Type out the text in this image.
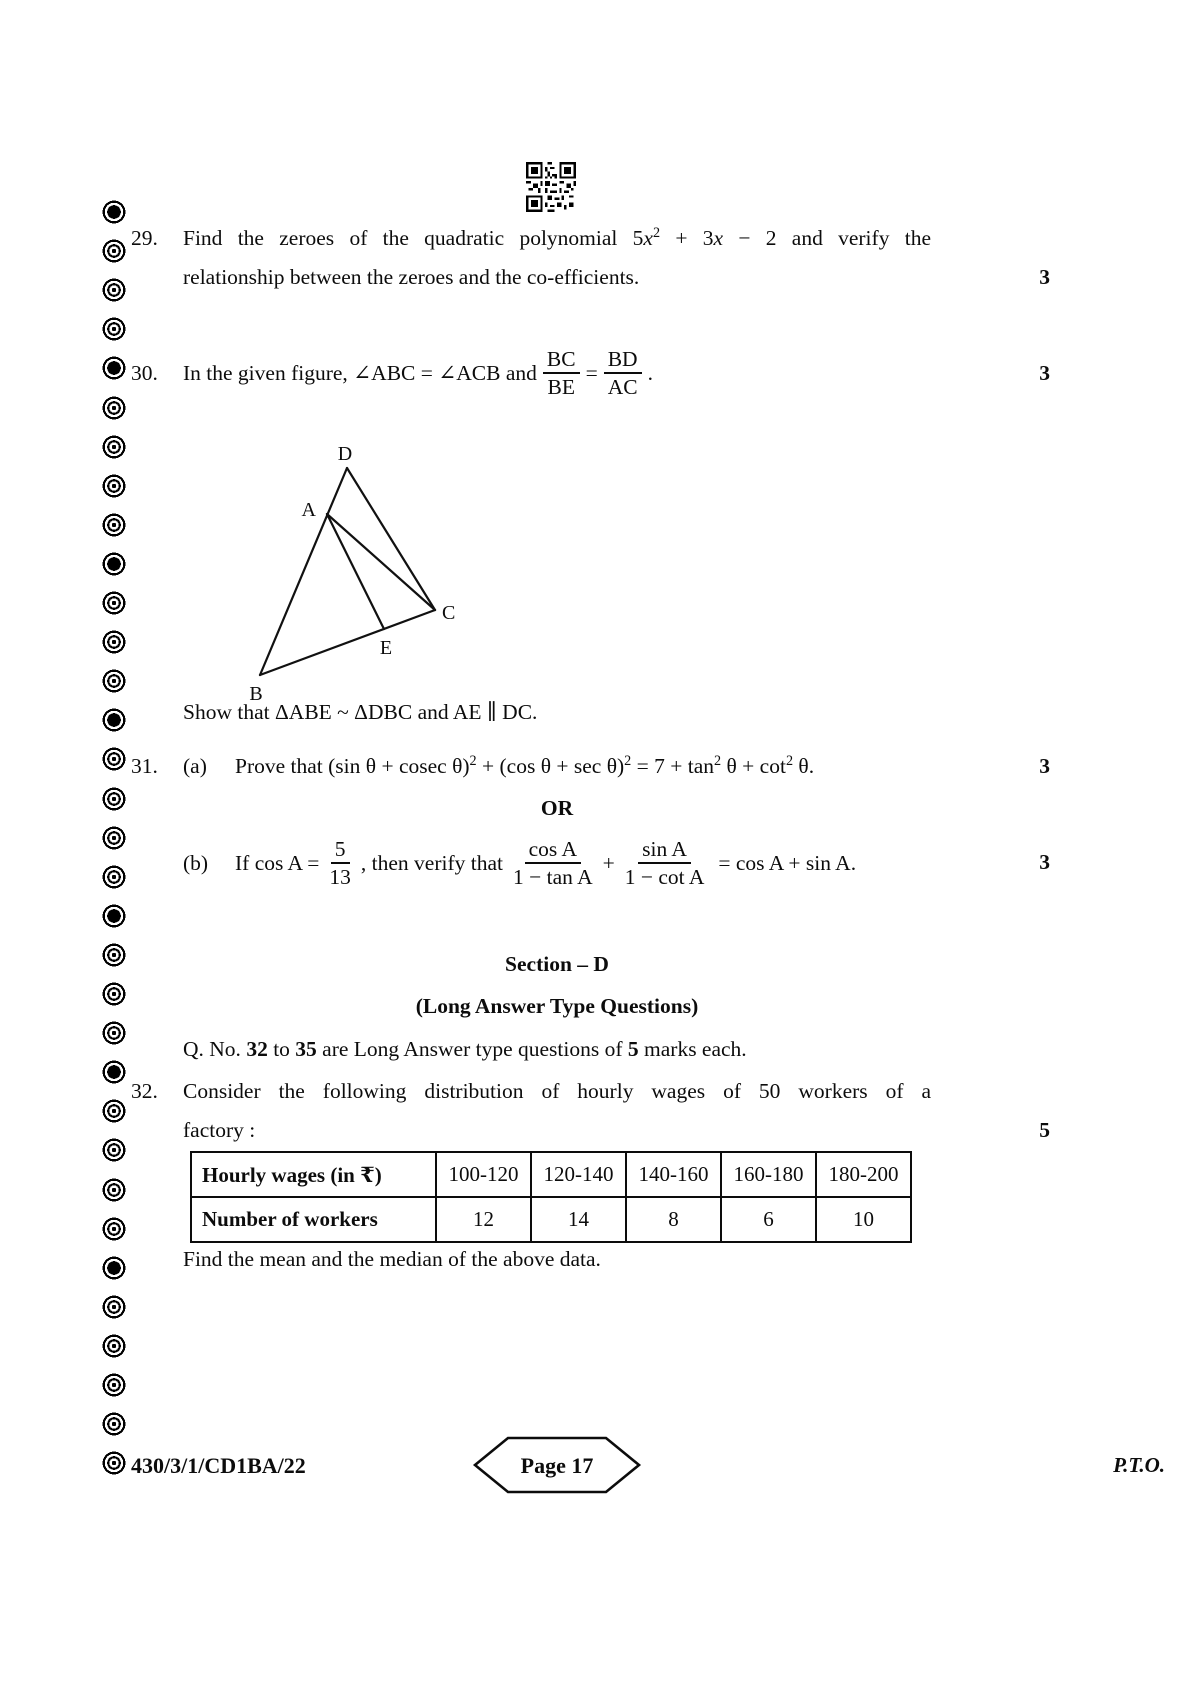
29. Find the zeroes of the quadratic polynomial $5x^2 + 3x - 2$ and verify the
relationship between the zeroes and the co-efficients.	3
30.	In the given figure, ∠ABC = ∠ACB and $\frac{BC}{BE} = \frac{BD}{AC}$ .	3
D
A
C
E
B
Show that ΔABE ~ ΔDBC and AE ∥ DC.
31. (a) Prove that (sin θ + cosec θ)$^2$ + (cos $\theta + \sec \theta)^2 = 7 + \tan^2 \theta + \cot^2 \theta$.	3
OR
(b)	If $\cos A = \frac{5}{13}$ , then verify that $\frac{\text{cos A}}{\text{1 − tan A}} + \frac{\text{sin A}}{\text{1 − cot A}} = \cos A + \sin A$.	3
Section – D
(Long Answer Type Questions)
Q. No. 32 to 35 are Long Answer type questions of 5 marks each.
32. Consider the following distribution of hourly wages of 50 workers of a
factory :	5
Hourly wages (in ₹)	100-120	120-140	140-160	160-180	180-200
Number of workers	12	14	8	6	10
Find the mean and the median of the above data.
430/3/1/CD1BA/22	Page 17	P.T.O.
